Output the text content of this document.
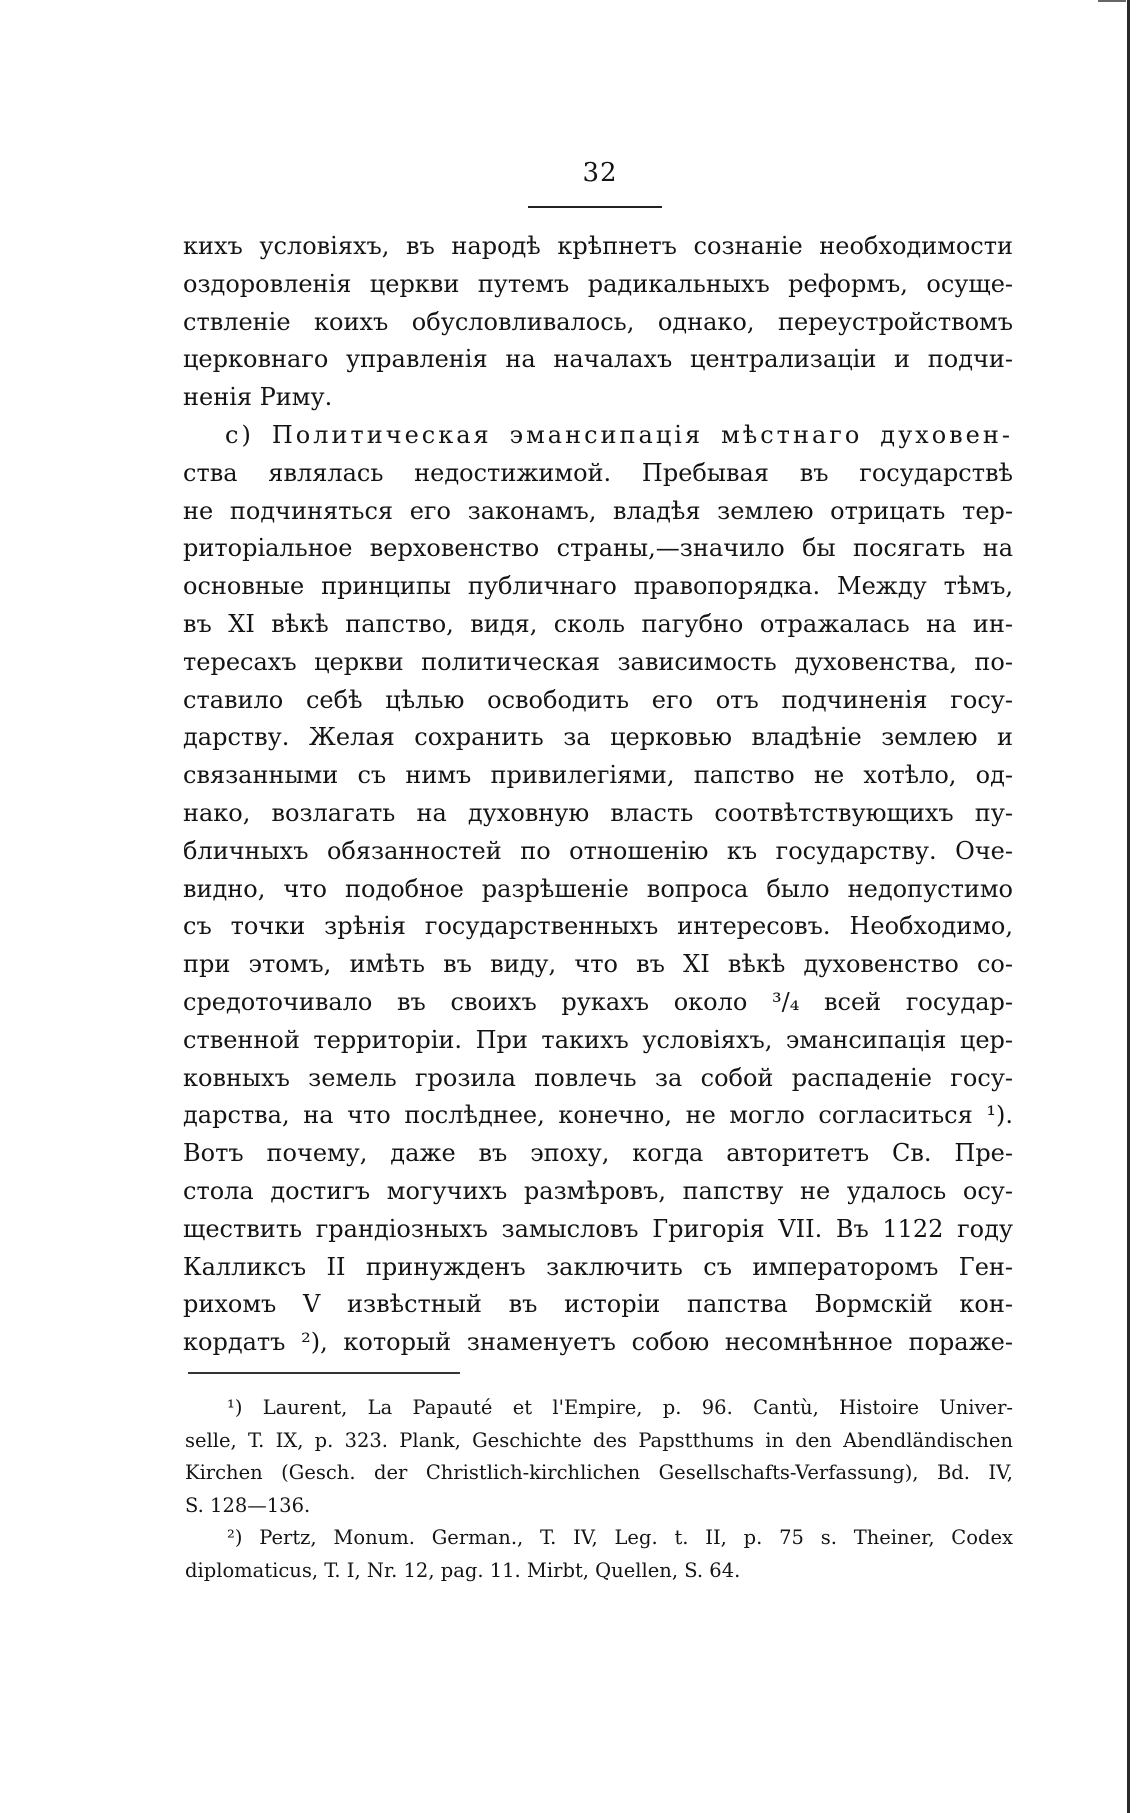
32
кихъ условіяхъ, въ народѣ крѣпнетъ сознаніе необходимости
оздоровленія церкви путемъ радикальныхъ реформъ, осуще-
ствленіе коихъ обусловливалось, однако, переустройствомъ
церковнаго управленія на началахъ централизаціи и подчи-
ненія Риму.
c) Политическая эмансипація мѣстнаго духовен-
ства являлась недостижимой. Пребывая въ государствѣ
не подчиняться его законамъ, владѣя землею отрицать тер-
риторіальное верховенство страны,—значило бы посягать на
основные принципы публичнаго правопорядка. Между тѣмъ,
въ XI вѣкѣ папство, видя, сколь пагубно отражалась на ин-
тересахъ церкви политическая зависимость духовенства, по-
ставило себѣ цѣлью освободить его отъ подчиненія госу-
дарству. Желая сохранить за церковью владѣніе землею и
связанными съ нимъ привилегіями, папство не хотѣло, од-
нако, возлагать на духовную власть соотвѣтствующихъ пу-
бличныхъ обязанностей по отношенію къ государству. Оче-
видно, что подобное разрѣшеніе вопроса было недопустимо
съ точки зрѣнія государственныхъ интересовъ. Необходимо,
при этомъ, имѣть въ виду, что въ XI вѣкѣ духовенство со-
средоточивало въ своихъ рукахъ около ³/₄ всей государ-
ственной территоріи. При такихъ условіяхъ, эмансипація цер-
ковныхъ земель грозила повлечь за собой распаденіе госу-
дарства, на что послѣднее, конечно, не могло согласиться ¹).
Вотъ почему, даже въ эпоху, когда авторитетъ Св. Пре-
стола достигъ могучихъ размѣровъ, папству не удалось осу-
ществить грандіозныхъ замысловъ Григорія VII. Въ 1122 году
Калликсъ II принужденъ заключить съ императоромъ Ген-
рихомъ V извѣстный въ исторіи папства Вормскій кон-
кордатъ ²), который знаменуетъ собою несомнѣнное пораже-
¹) Laurent, La Papauté et l'Empire, p. 96. Cantù, Histoire Univer-
selle, T. IX, p. 323. Plank, Geschichte des Papstthums in den Abendländischen
Kirchen (Gesch. der Christlich-kirchlichen Gesellschafts-Verfassung), Bd. IV,
S. 128—136.
²) Pertz, Monum. German., T. IV, Leg. t. II, p. 75 s. Theiner, Codex
diplomaticus, T. I, Nr. 12, pag. 11. Mirbt, Quellen, S. 64.
